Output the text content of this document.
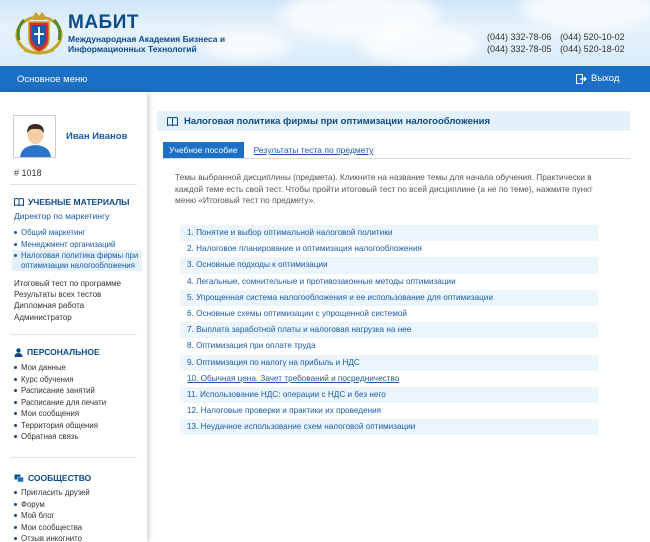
МАБИТ
Международная Академия Бизнеса и Информационных Технологий
(044) 332-78-06 (044) 520-10-02
(044) 332-78-05 (044) 520-18-02
Основное меню	Выход
Иван Иванов
# 1018
УЧЕБНЫЕ МАТЕРИАЛЫ
Директор по маркетингу
Общий маркетинг
Менеджмент организаций
Налоговая политика фирмы при оптимизации налогообложения
Итоговый тест по программе
Результаты всех тестов
Дипломная работа
Администратор
ПЕРСОНАЛЬНОЕ
Мои данные
Курс обучения
Расписание занятий
Расписание для печати
Мои сообщения
Территория общения
Обратная связь
СООБЩЕСТВО
Пригласить друзей
Форум
Мой блог
Мои сообщества
Отзыв инкогнито
Налоговая политика фирмы при оптимизации налогообложения
Учебное пособие	Результаты теста по предмету
Темы выбранной дисциплины (предмета). Кликните на название темы для начала обучения. Практически в каждой теме есть свой тест. Чтобы пройти итоговый тест по всей дисциплине (а не по теме), нажмите пункт меню «Итоговый тест по предмету».
1. Понятие и выбор оптимальной налоговой политики
2. Налоговое планирование и оптимизация налогообложения
3. Основные подходы к оптимизации
4. Легальные, сомнительные и противозаконные методы оптимизации
5. Упрощенная система налогообложения и ее использование для оптимизации
6. Основные схемы оптимизации с упрощенной системой
7. Выплата заработной платы и налоговая нагрузка на нее
8. Оптимизация при оплате труда
9. Оптимизация по налогу на прибыль и НДС
10. Обычная цена. Зачет требований и посредничество
11. Использование НДС: операции с НДС и без него
12. Налоговые проверки и практики их проведения
13. Неудачное использование схем налоговой оптимизации
